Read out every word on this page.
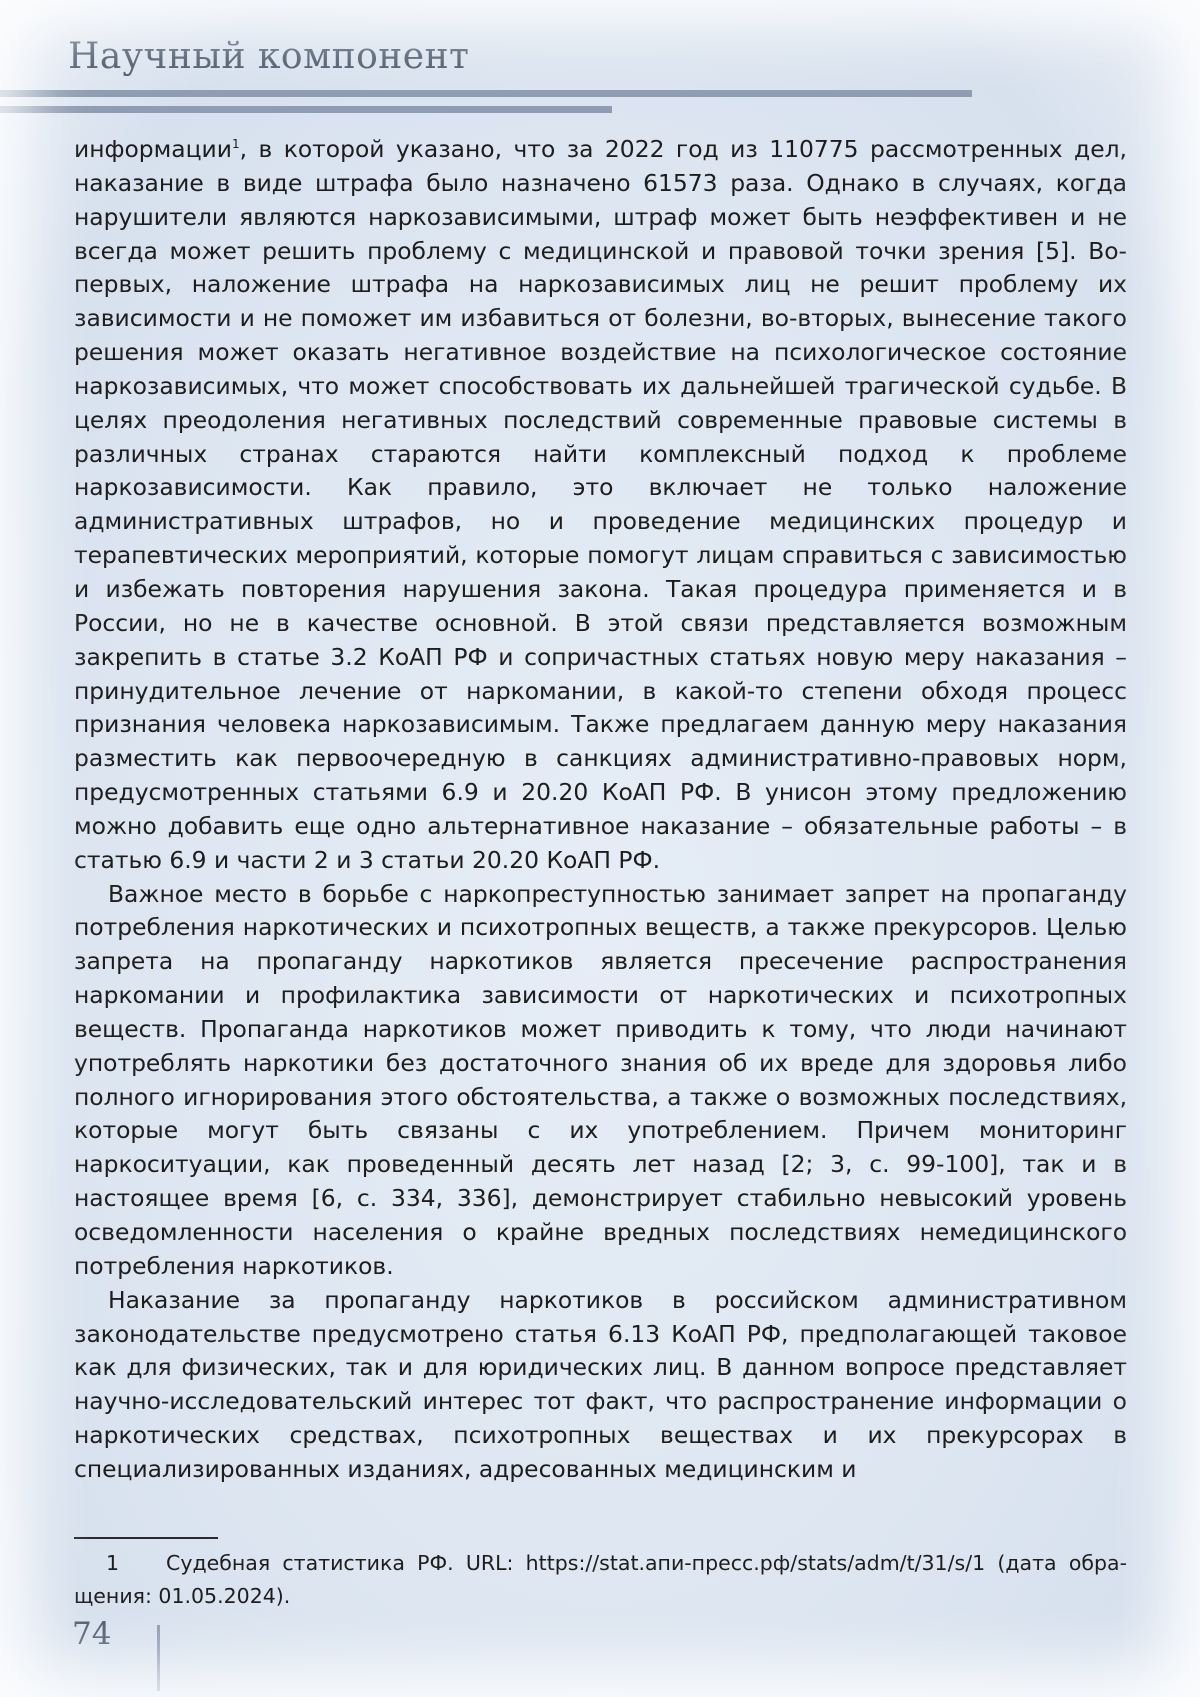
Научный компонент

информации$^1$, в которой указано, что за 2022 год из 110775 рассмотренных дел, наказание в виде штрафа было назначено 61573 раза. Однако в случаях, когда нарушители являются наркозависимыми, штраф может быть неэффективен и не всегда может решить проблему с медицинской и правовой точки зрения [5]. Во-первых, наложение штрафа на наркозависимых лиц не решит проблему их зависимости и не поможет им избавиться от болезни, во-вторых, вынесение такого решения может оказать негативное воздействие на психологическое состояние наркозависимых, что может способствовать их дальнейшей трагической судьбе. В целях преодоления негативных последствий современные правовые системы в различных странах стараются найти комплексный подход к проблеме наркозависимости. Как правило, это включает не только наложение административных штрафов, но и проведение медицинских процедур и терапевтических мероприятий, которые помогут лицам справиться с зависимостью и избежать повторения нарушения закона. Такая процедура применяется и в России, но не в качестве основной. В этой связи представляется возможным закрепить в статье 3.2 КоАП РФ и сопричастных статьях новую меру наказания – принудительное лечение от наркомании, в какой-то степени обходя процесс признания человека наркозависимым. Также предлагаем данную меру наказания разместить как первоочередную в санкциях административно-правовых норм, предусмотренных статьями 6.9 и 20.20 КоАП РФ. В унисон этому предложению можно добавить еще одно альтернативное наказание – обязательные работы – в статью 6.9 и части 2 и 3 статьи 20.20 КоАП РФ.

Важное место в борьбе с наркопреступностью занимает запрет на пропаганду потребления наркотических и психотропных веществ, а также прекурсоров. Целью запрета на пропаганду наркотиков является пресечение распространения наркомании и профилактика зависимости от наркотических и психотропных веществ. Пропаганда наркотиков может приводить к тому, что люди начинают употреблять наркотики без достаточного знания об их вреде для здоровья либо полного игнорирования этого обстоятельства, а также о возможных последствиях, которые могут быть связаны с их употреблением. Причем мониторинг наркоситуации, как проведенный десять лет назад [2; 3, с. 99-100], так и в настоящее время [6, с. 334, 336], демонстрирует стабильно невысокий уровень осведомленности населения о крайне вредных последствиях немедицинского потребления наркотиков.

Наказание за пропаганду наркотиков в российском административном законодательстве предусмотрено статья 6.13 КоАП РФ, предполагающей таковое как для физических, так и для юридических лиц. В данном вопросе представляет научно-исследовательский интерес тот факт, что распространение информации о наркотических средствах, психотропных веществах и их прекурсорах в специализированных изданиях, адресованных медицинским и

1 Судебная статистика РФ. URL: https://stat.апи-пресс.рф/stats/adm/t/31/s/1 (дата обращения: 01.05.2024).
74
